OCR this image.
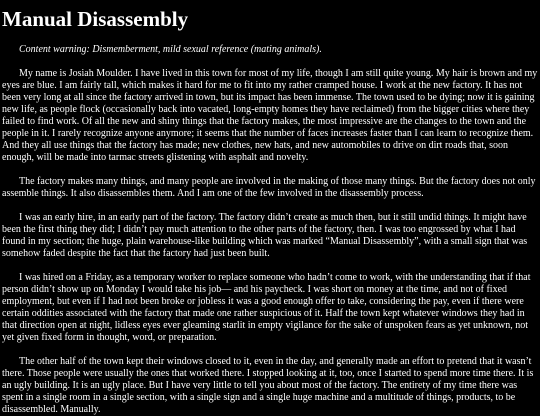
Manual Disassembly

Content warning: Dismemberment, mild sexual reference (mating animals).

My name is Josiah Moulder. I have lived in this town for most of my life, though I am still quite young. My hair is brown and my eyes are blue. I am fairly tall, which makes it hard for me to fit into my rather cramped house. I work at the new factory. It has not been very long at all since the factory arrived in town, but its impact has been immense. The town used to be dying; now it is gaining new life, as people flock (occasionally back into vacated, long-empty homes they have reclaimed) from the bigger cities where they failed to find work. Of all the new and shiny things that the factory makes, the most impressive are the changes to the town and the people in it. I rarely recognize anyone anymore; it seems that the number of faces increases faster than I can learn to recognize them. And they all use things that the factory has made; new clothes, new hats, and new automobiles to drive on dirt roads that, soon enough, will be made into tarmac streets glistening with asphalt and novelty.

The factory makes many things, and many people are involved in the making of those many things. But the factory does not only assemble things. It also disassembles them. And I am one of the few involved in the disassembly process.

I was an early hire, in an early part of the factory. The factory didn’t create as much then, but it still undid things. It might have been the first thing they did; I didn’t pay much attention to the other parts of the factory, then. I was too engrossed by what I had found in my section; the huge, plain warehouse-like building which was marked “Manual Disassembly”, with a small sign that was somehow faded despite the fact that the factory had just been built.

I was hired on a Friday, as a temporary worker to replace someone who hadn’t come to work, with the understanding that if that person didn’t show up on Monday I would take his job— and his paycheck. I was short on money at the time, and not of fixed employment, but even if I had not been broke or jobless it was a good enough offer to take, considering the pay, even if there were certain oddities associated with the factory that made one rather suspicious of it. Half the town kept whatever windows they had in that direction open at night, lidless eyes ever gleaming starlit in empty vigilance for the sake of unspoken fears as yet unknown, not yet given fixed form in thought, word, or preparation.

The other half of the town kept their windows closed to it, even in the day, and generally made an effort to pretend that it wasn’t there. Those people were usually the ones that worked there. I stopped looking at it, too, once I started to spend more time there. It is an ugly building. It is an ugly place. But I have very little to tell you about most of the factory. The entirety of my time there was spent in a single room in a single section, with a single sign and a single huge machine and a multitude of things, products, to be disassembled. Manually.
